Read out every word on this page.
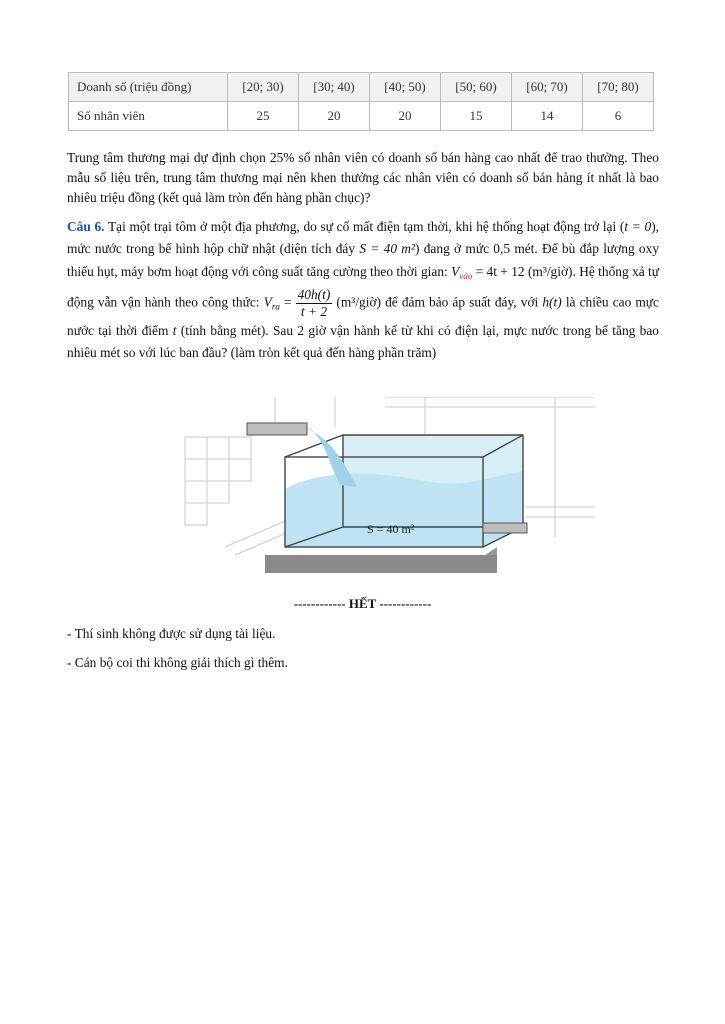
Doanh số (triệu đồng)	[20; 30)	[30; 40)	[40; 50)	[50; 60)	[60; 70)	[70; 80)
Số nhân viên	25	20	20	15	14	6

Trung tâm thương mại dự định chọn 25% số nhân viên có doanh số bán hàng cao nhất để trao thưởng. Theo mẫu số liệu trên, trung tâm thương mại nên khen thưởng các nhân viên có doanh số bán hàng ít nhất là bao nhiêu triệu đồng (kết quả làm tròn đến hàng phần chục)?

Câu 6. Tại một trại tôm ở một địa phương, do sự cố mất điện tạm thời, khi hệ thống hoạt động trở lại (t = 0), mức nước trong bể hình hộp chữ nhật (diện tích đáy S = 40 m²) đang ở mức 0,5 mét. Để bù đắp lượng oxy thiếu hụt, máy bơm hoạt động với công suất tăng cường theo thời gian: $V_{vào} = 4t + 12$ (m³/giờ). Hệ thống xả tự động vẫn vận hành theo công thức: $V_{ra} = \frac{40h(t)}{t + 2}$ (m³/giờ) để đảm bảo áp suất đáy, với h(t) là chiều cao mực nước tại thời điểm t (tính bằng mét). Sau 2 giờ vận hành kể từ khi có điện lại, mực nước trong bể tăng bao nhiêu mét so với lúc ban đầu? (làm tròn kết quả đến hàng phần trăm)

S = 40 m²
------------ HẾT ------------

- Thí sinh không được sử dụng tài liệu.

- Cán bộ coi thi không giải thích gì thêm.
